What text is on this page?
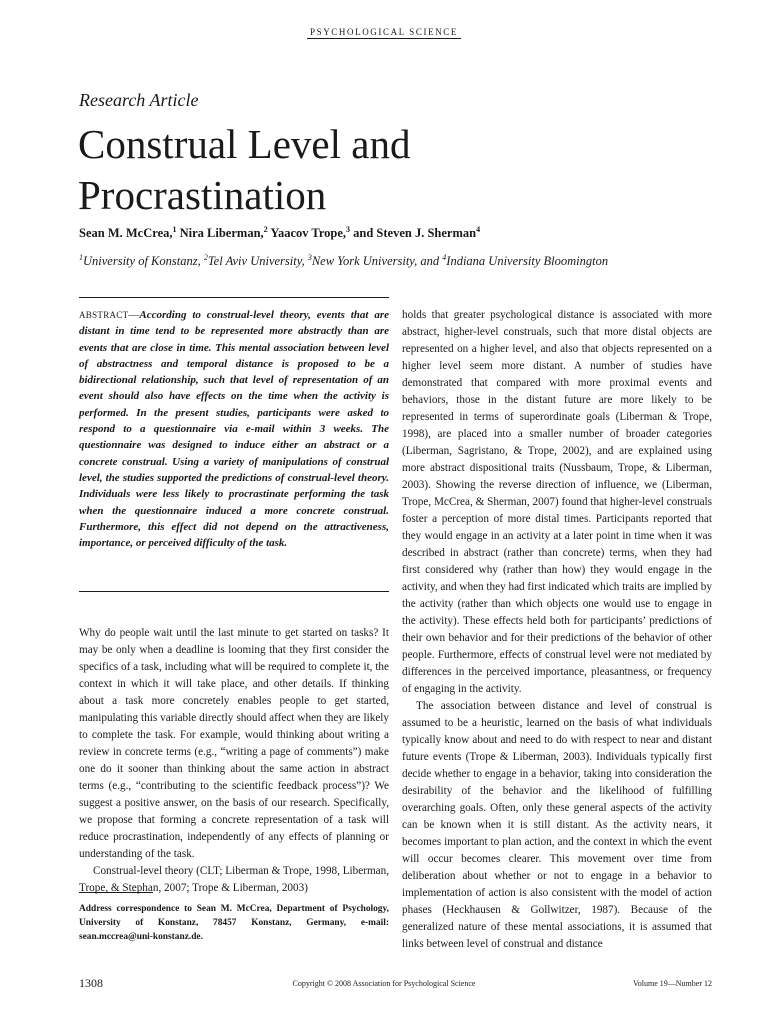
PSYCHOLOGICAL SCIENCE
Research Article
Construal Level and
Procrastination
Sean M. McCrea,$^1$ Nira Liberman,$^2$ Yaacov Trope,$^3$ and Steven J. Sherman$^4$
$^1$University of Konstanz, $^2$Tel Aviv University, $^3$New York University, and $^4$Indiana University Bloomington

ABSTRACT—According to construal-level theory, events that are distant in time tend to be represented more abstractly than are events that are close in time. This mental association between level of abstractness and temporal distance is proposed to be a bidirectional relationship, such that level of representation of an event should also have effects on the time when the activity is performed. In the present studies, participants were asked to respond to a questionnaire via e-mail within 3 weeks. The questionnaire was designed to induce either an abstract or a concrete construal. Using a variety of manipulations of construal level, the studies supported the predictions of construal-level theory. Individuals were less likely to procrastinate performing the task when the questionnaire induced a more concrete construal. Furthermore, this effect did not depend on the attractiveness, importance, or perceived difficulty of the task.

Why do people wait until the last minute to get started on tasks? It may be only when a deadline is looming that they first consider the specifics of a task, including what will be required to complete it, the context in which it will take place, and other details. If thinking about a task more concretely enables people to get started, manipulating this variable directly should affect when they are likely to complete the task. For example, would thinking about writing a review in concrete terms (e.g., “writing a page of comments”) make one do it sooner than thinking about the same action in abstract terms (e.g., “contributing to the scientific feedback process”)? We suggest a positive answer, on the basis of our research. Specifically, we propose that forming a concrete representation of a task will reduce procrastination, independently of any effects of planning or understanding of the task.

Construal-level theory (CLT; Liberman & Trope, 1998, Liberman, Trope, & Stephan, 2007; Trope & Liberman, 2003)

holds that greater psychological distance is associated with more abstract, higher-level construals, such that more distal objects are represented on a higher level, and also that objects represented on a higher level seem more distant. A number of studies have demonstrated that compared with more proximal events and behaviors, those in the distant future are more likely to be represented in terms of superordinate goals (Liberman & Trope, 1998), are placed into a smaller number of broader categories (Liberman, Sagristano, & Trope, 2002), and are explained using more abstract dispositional traits (Nussbaum, Trope, & Liberman, 2003). Showing the reverse direction of influence, we (Liberman, Trope, McCrea, & Sherman, 2007) found that higher-level construals foster a perception of more distal times. Participants reported that they would engage in an activity at a later point in time when it was described in abstract (rather than concrete) terms, when they had first considered why (rather than how) they would engage in the activity, and when they had first indicated which traits are implied by the activity (rather than which objects one would use to engage in the activity). These effects held both for participants’ predictions of their own behavior and for their predictions of the behavior of other people. Furthermore, effects of construal level were not mediated by differences in the perceived importance, pleasantness, or frequency of engaging in the activity.

The association between distance and level of construal is assumed to be a heuristic, learned on the basis of what individuals typically know about and need to do with respect to near and distant future events (Trope & Liberman, 2003). Individuals typically first decide whether to engage in a behavior, taking into consideration the desirability of the behavior and the likelihood of fulfilling overarching goals. Often, only these general aspects of the activity can be known when it is still distant. As the activity nears, it becomes important to plan action, and the context in which the event will occur becomes clearer. This movement over time from deliberation about whether or not to engage in a behavior to implementation of action is also consistent with the model of action phases (Heckhausen & Gollwitzer, 1987). Because of the generalized nature of these mental associations, it is assumed that links between level of construal and distance

Address correspondence to Sean M. McCrea, Department of Psychology, University of Konstanz, 78457 Konstanz, Germany, e-mail: sean.mccrea@uni-konstanz.de.

1308	Copyright © 2008 Association for Psychological Science	Volume 19—Number 12
